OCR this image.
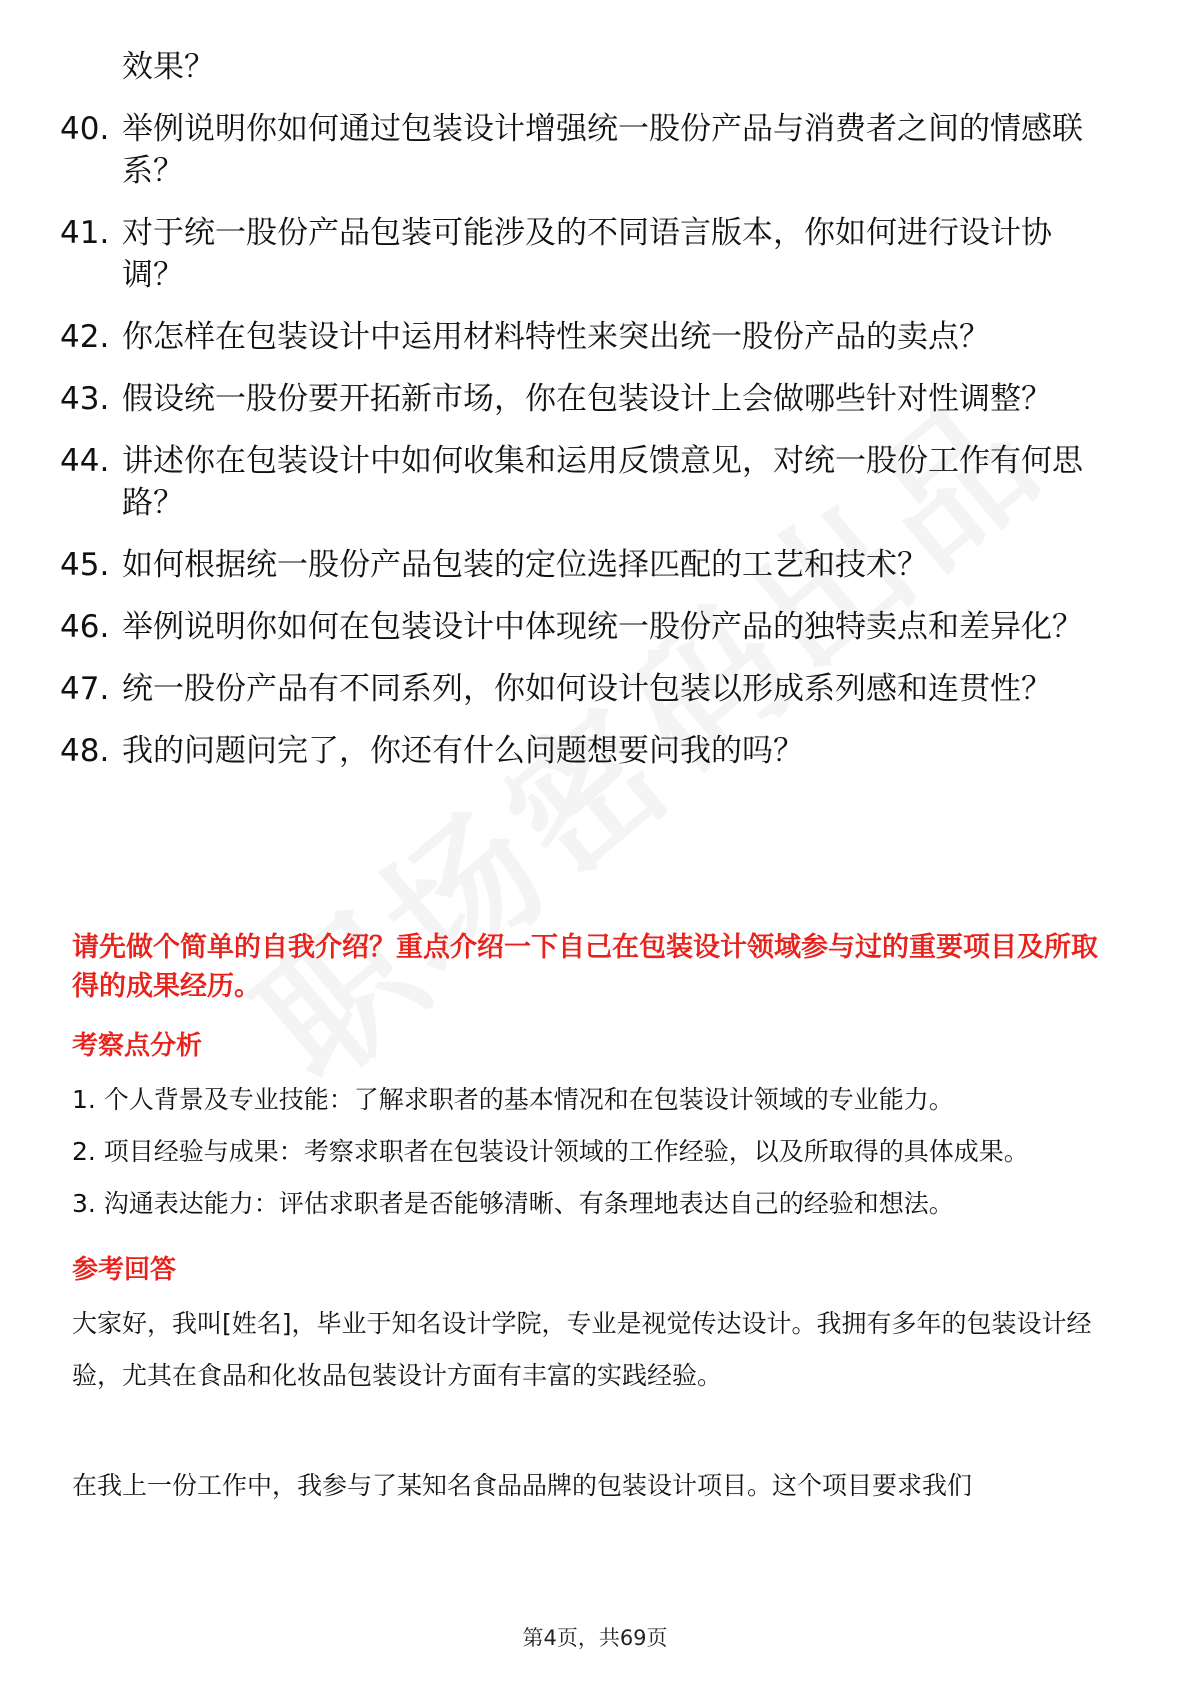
效果？
40. 举例说明你如何通过包装设计增强统一股份产品与消费者之间的情感联系？
41. 对于统一股份产品包装可能涉及的不同语言版本，你如何进行设计协调？
42. 你怎样在包装设计中运用材料特性来突出统一股份产品的卖点？
43. 假设统一股份要开拓新市场，你在包装设计上会做哪些针对性调整？
44. 讲述你在包装设计中如何收集和运用反馈意见，对统一股份工作有何思路？
45. 如何根据统一股份产品包装的定位选择匹配的工艺和技术？
46. 举例说明你如何在包装设计中体现统一股份产品的独特卖点和差异化？
47. 统一股份产品有不同系列，你如何设计包装以形成系列感和连贯性？
48. 我的问题问完了，你还有什么问题想要问我的吗？

请先做个简单的自我介绍？重点介绍一下自己在包装设计领域参与过的重要项目及所取得的成果经历。

考察点分析

1. 个人背景及专业技能：了解求职者的基本情况和在包装设计领域的专业能力。

2. 项目经验与成果：考察求职者在包装设计领域的工作经验，以及所取得的具体成果。

3. 沟通表达能力：评估求职者是否能够清晰、有条理地表达自己的经验和想法。

参考回答

大家好，我叫[姓名]，毕业于知名设计学院，专业是视觉传达设计。我拥有多年的包装设计经验，尤其在食品和化妆品包装设计方面有丰富的实践经验。

在我上一份工作中，我参与了某知名食品品牌的包装设计项目。这个项目要求我们

第4页，共69页
